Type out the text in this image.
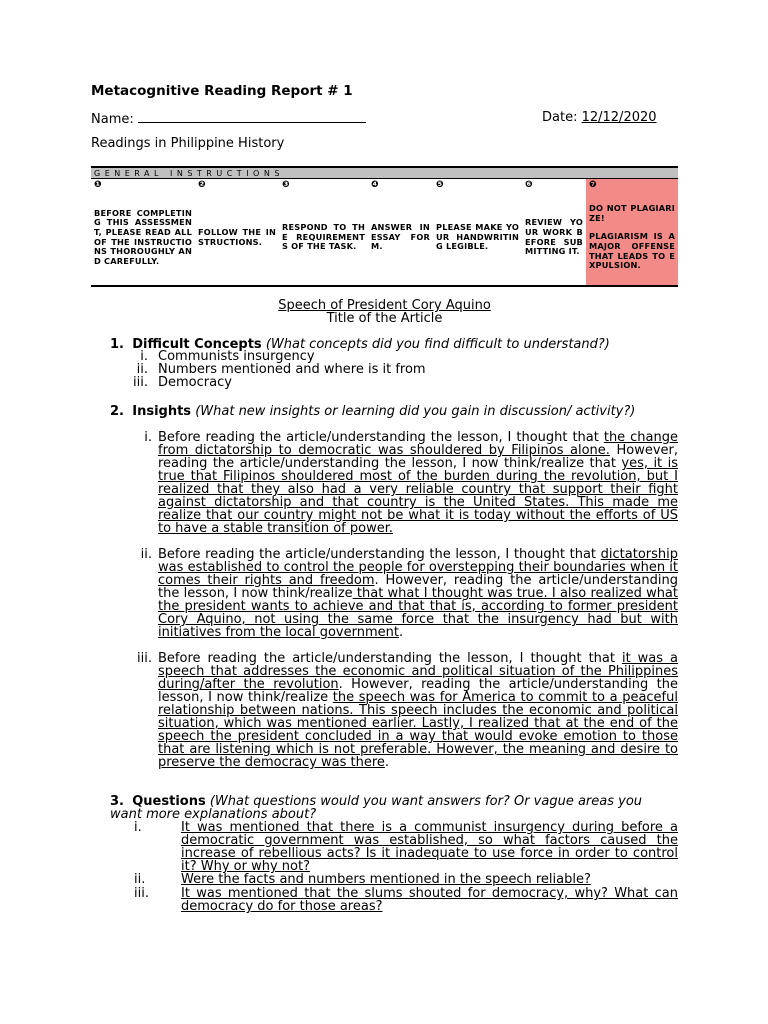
Metacognitive Reading Report # 1
Name:	Date: 12/12/2020
Readings in Philippine History
GENERAL INSTRUCTIONS						
❶	❷	❸	❹	❺	❻	❼
BEFORE COMPLETING THIS ASSESSMENT, PLEASE READ ALL OF THE INSTRUCTIONS THOROUGHLY AND CAREFULLY.	FOLLOW THE INSTRUCTIONS.	RESPOND TO THE REQUIREMENTS OF THE TASK.	ANSWER IN ESSAY FORM.	PLEASE MAKE YOUR HANDWRITING LEGIBLE.	REVIEW YOUR WORK BEFORE SUBMITTING IT.	DO NOT PLAGIARIZE!
PLAGIARISM IS A MAJOR OFFENSE THAT LEADS TO EXPULSION.
Speech of President Cory Aquino
Title of the Article
1. Difficult Concepts (What concepts did you find difficult to understand?)
i. Communists insurgency
ii. Numbers mentioned and where is it from
iii. Democracy
2. Insights (What new insights or learning did you gain in discussion/ activity?)
i. Before reading the article/understanding the lesson, I thought that the change from dictatorship to democratic was shouldered by Filipinos alone. However, reading the article/understanding the lesson, I now think/realize that yes, it is true that Filipinos shouldered most of the burden during the revolution, but I realized that they also had a very reliable country that support their fight against dictatorship and that country is the United States. This made me realize that our country might not be what it is today without the efforts of US to have a stable transition of power.
ii. Before reading the article/understanding the lesson, I thought that dictatorship was established to control the people for overstepping their boundaries when it comes their rights and freedom. However, reading the article/understanding the lesson, I now think/realize that what I thought was true. I also realized what the president wants to achieve and that that is, according to former president Cory Aquino, not using the same force that the insurgency had but with initiatives from the local government.
iii. Before reading the article/understanding the lesson, I thought that it was a speech that addresses the economic and political situation of the Philippines during/after the revolution. However, reading the article/understanding the lesson, I now think/realize the speech was for America to commit to a peaceful relationship between nations. This speech includes the economic and political situation, which was mentioned earlier. Lastly, I realized that at the end of the speech the president concluded in a way that would evoke emotion to those that are listening which is not preferable. However, the meaning and desire to preserve the democracy was there.
3. Questions (What questions would you want answers for? Or vague areas you want more explanations about?
i.	It was mentioned that there is a communist insurgency during before a democratic government was established, so what factors caused the increase of rebellious acts? Is it inadequate to use force in order to control it? Why or why not?
ii.	Were the facts and numbers mentioned in the speech reliable?
iii. It was mentioned that the slums shouted for democracy, why? What can democracy do for those areas?
